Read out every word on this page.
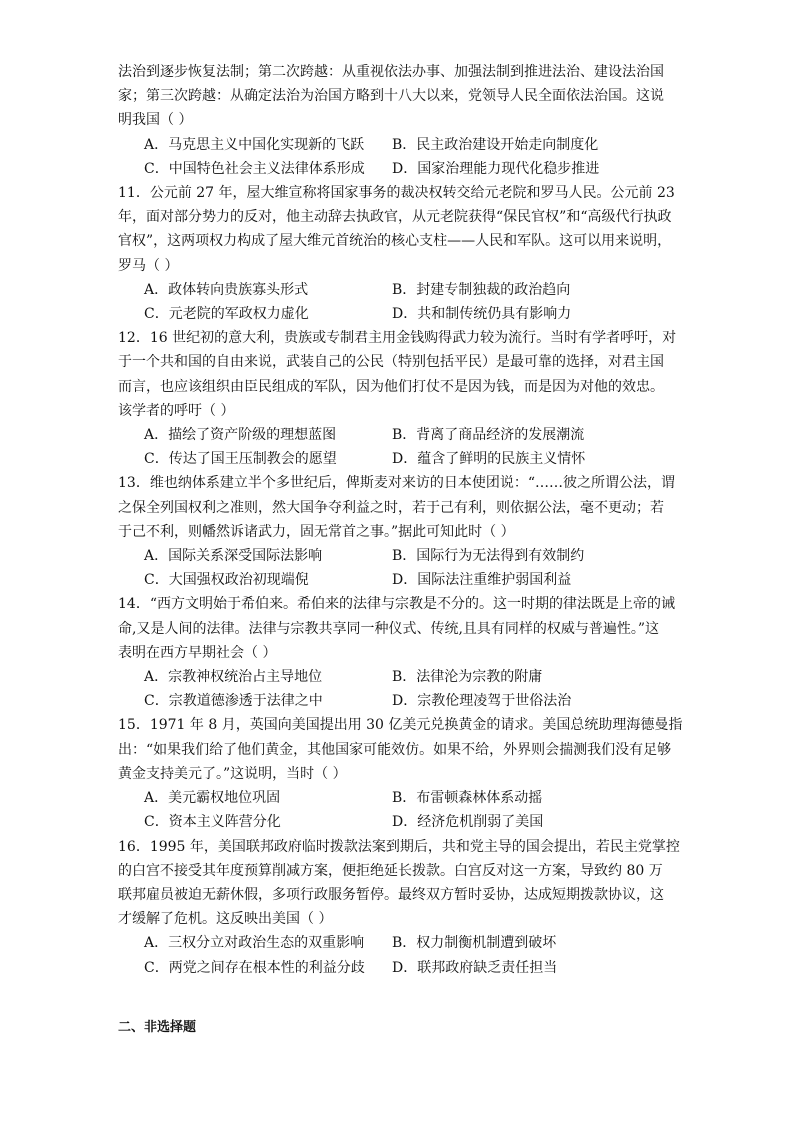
法治到逐步恢复法制；第二次跨越：从重视依法办事、加强法制到推进法治、建设法治国

家；第三次跨越：从确定法治为治国方略到十八大以来，党领导人民全面依法治国。这说

明我国（ ）

A．马克思主义中国化实现新的飞跃	B．民主政治建设开始走向制度化
C．中国特色社会主义法律体系形成	D．国家治理能力现代化稳步推进

11．公元前 27 年，屋大维宣称将国家事务的裁决权转交给元老院和罗马人民。公元前 23

年，面对部分势力的反对，他主动辞去执政官，从元老院获得“保民官权”和“高级代行执政

官权”，这两项权力构成了屋大维元首统治的核心支柱——人民和军队。这可以用来说明，

罗马（ ）

A．政体转向贵族寡头形式	B．封建专制独裁的政治趋向
C．元老院的军政权力虚化	D．共和制传统仍具有影响力

12．16 世纪初的意大利，贵族或专制君主用金钱购得武力较为流行。当时有学者呼吁，对

于一个共和国的自由来说，武装自己的公民（特别包括平民）是最可靠的选择，对君主国

而言，也应该组织由臣民组成的军队，因为他们打仗不是因为钱，而是因为对他的效忠。

该学者的呼吁（ ）

A．描绘了资产阶级的理想蓝图	B．背离了商品经济的发展潮流
C．传达了国王压制教会的愿望	D．蕴含了鲜明的民族主义情怀

13．维也纳体系建立半个多世纪后，俾斯麦对来访的日本使团说：“……彼之所谓公法，谓

之保全列国权利之准则，然大国争夺利益之时，若于己有利，则依据公法，毫不更动；若

于己不利，则幡然诉诸武力，固无常首之事。”据此可知此时（ ）

A．国际关系深受国际法影响	B．国际行为无法得到有效制约
C．大国强权政治初现端倪	D．国际法注重维护弱国利益

14．“西方文明始于希伯来。希伯来的法律与宗教是不分的。这一时期的律法既是上帝的诫

命,又是人间的法律。法律与宗教共享同一种仪式、传统,且具有同样的权威与普遍性。”这

表明在西方早期社会（ ）

A．宗教神权统治占主导地位	B．法律沦为宗教的附庸
C．宗教道德渗透于法律之中	D．宗教伦理凌驾于世俗法治

15．1971 年 8 月，英国向美国提出用 30 亿美元兑换黄金的请求。美国总统助理海德曼指

出：“如果我们给了他们黄金，其他国家可能效仿。如果不给，外界则会揣测我们没有足够

黄金支持美元了。”这说明，当时（ ）

A．美元霸权地位巩固	B．布雷顿森林体系动摇
C．资本主义阵营分化	D．经济危机削弱了美国

16．1995 年，美国联邦政府临时拨款法案到期后，共和党主导的国会提出，若民主党掌控

的白宫不接受其年度预算削减方案，便拒绝延长拨款。白宫反对这一方案，导致约 80 万

联邦雇员被迫无薪休假，多项行政服务暂停。最终双方暂时妥协，达成短期拨款协议，这

才缓解了危机。这反映出美国（ ）

A．三权分立对政治生态的双重影响	B．权力制衡机制遭到破坏
C．两党之间存在根本性的利益分歧	D．联邦政府缺乏责任担当
二、非选择题
